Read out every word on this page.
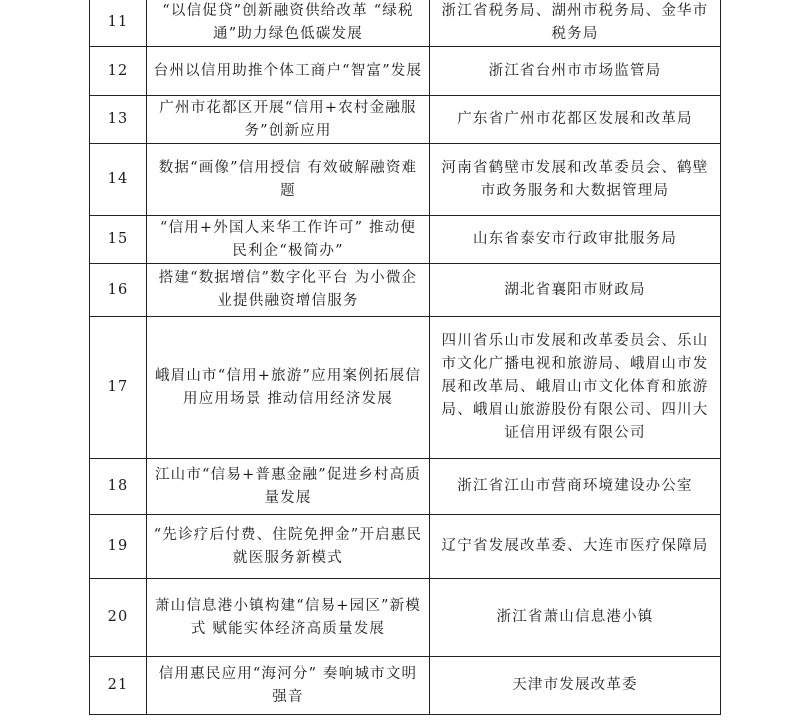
11	“以信促贷”创新融资供给改革 “绿税通”助力绿色低碳发展	浙江省税务局、湖州市税务局、金华市税务局
12	台州以信用助推个体工商户“智富”发展	浙江省台州市市场监管局
13	广州市花都区开展“信用+农村金融服务”创新应用	广东省广州市花都区发展和改革局
14	数据“画像”信用授信 有效破解融资难题	河南省鹤壁市发展和改革委员会、鹤壁市政务服务和大数据管理局
15	“信用+外国人来华工作许可” 推动便民利企“极简办”	山东省泰安市行政审批服务局
16	搭建“数据增信”数字化平台 为小微企业提供融资增信服务	湖北省襄阳市财政局
17	峨眉山市“信用+旅游”应用案例拓展信用应用场景 推动信用经济发展	四川省乐山市发展和改革委员会、乐山市文化广播电视和旅游局、峨眉山市发展和改革局、峨眉山市文化体育和旅游局、峨眉山旅游股份有限公司、四川大证信用评级有限公司
18	江山市“信易+普惠金融”促进乡村高质量发展	浙江省江山市营商环境建设办公室
19	“先诊疗后付费、住院免押金”开启惠民就医服务新模式	辽宁省发展改革委、大连市医疗保障局
20	萧山信息港小镇构建“信易+园区”新模式 赋能实体经济高质量发展	浙江省萧山信息港小镇
21	信用惠民应用“海河分” 奏响城市文明强音	天津市发展改革委
